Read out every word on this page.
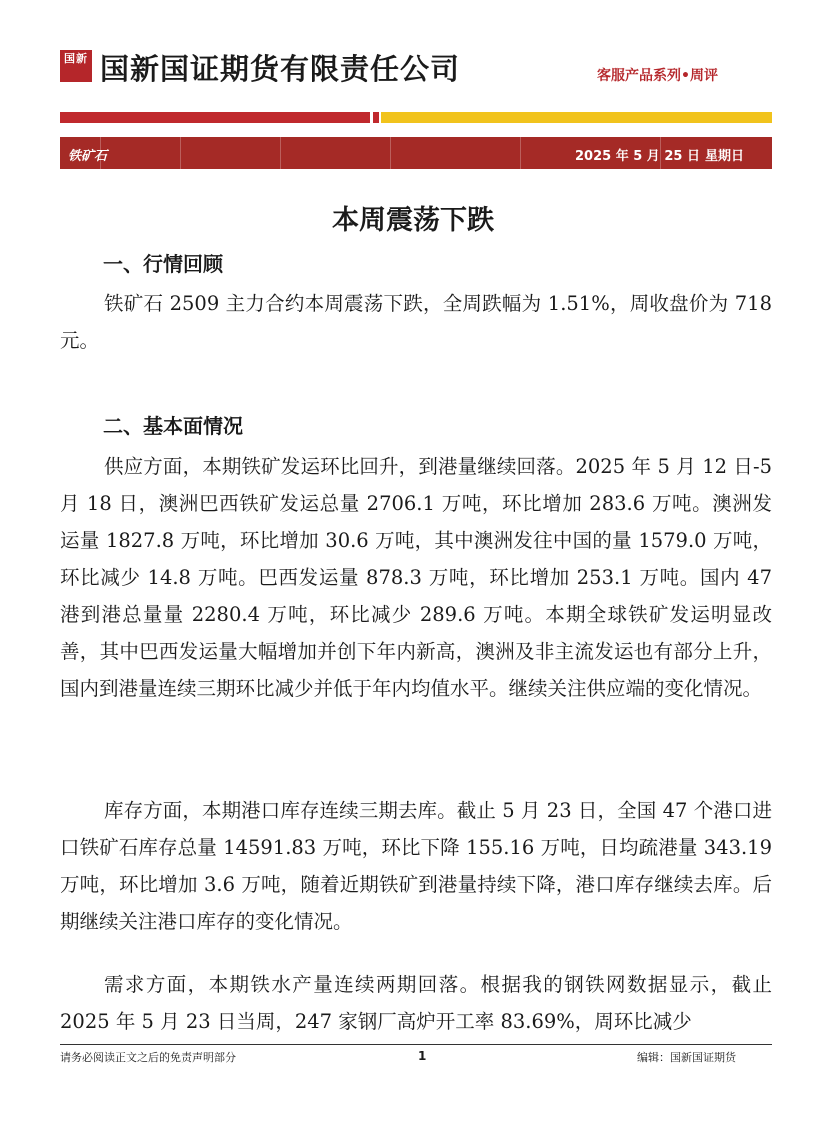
国新 国新国证期货有限责任公司	客服产品系列•周评
铁矿石	2025 年 5 月 25 日 星期日
本周震荡下跌
一、行情回顾

铁矿石 2509 主力合约本周震荡下跌，全周跌幅为 1.51%，周收盘价为 718 元。

二、基本面情况

供应方面，本期铁矿发运环比回升，到港量继续回落。2025 年 5 月 12 日-5 月 18 日，澳洲巴西铁矿发运总量 2706.1 万吨，环比增加 283.6 万吨。澳洲发运量 1827.8 万吨，环比增加 30.6 万吨，其中澳洲发往中国的量 1579.0 万吨，环比减少 14.8 万吨。巴西发运量 878.3 万吨，环比增加 253.1 万吨。国内 47 港到港总量量 2280.4 万吨，环比减少 289.6 万吨。本期全球铁矿发运明显改善，其中巴西发运量大幅增加并创下年内新高，澳洲及非主流发运也有部分上升，国内到港量连续三期环比减少并低于年内均值水平。继续关注供应端的变化情况。

库存方面，本期港口库存连续三期去库。截止 5 月 23 日，全国 47 个港口进口铁矿石库存总量 14591.83 万吨，环比下降 155.16 万吨，日均疏港量 343.19 万吨，环比增加 3.6 万吨，随着近期铁矿到港量持续下降，港口库存继续去库。后期继续关注港口库存的变化情况。

需求方面，本期铁水产量连续两期回落。根据我的钢铁网数据显示，截止 2025 年 5 月 23 日当周，247 家钢厂高炉开工率 83.69%，周环比减少

请务必阅读正文之后的免责声明部分	1	编辑：国新国证期货
